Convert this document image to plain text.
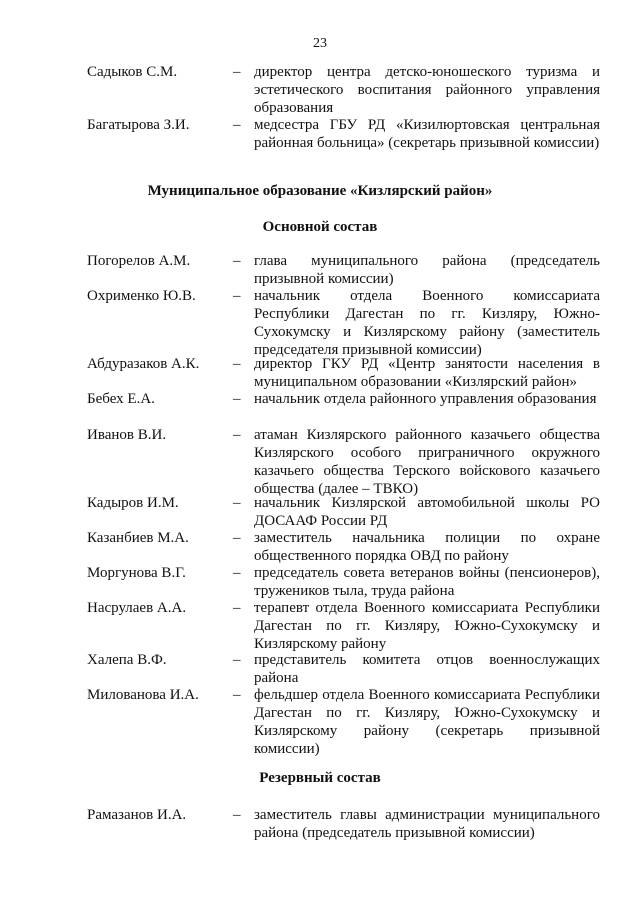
23
Садыков С.М.	– директор центра детско-юношеского туризма и эстетического воспитания районного управления образования
Багатырова З.И.	– медсестра ГБУ РД «Кизилюртовская центральная районная больница» (секретарь призывной комиссии)
Муниципальное образование «Кизлярский район»
Основной состав
Погорелов А.М.	– глава муниципального района (председатель призывной комиссии)
Охрименко Ю.В. – начальник отдела Военного комиссариата Республики Дагестан по гг. Кизляру, Южно-Сухокумску и Кизлярскому району (заместитель председателя призывной комиссии)
Абдуразаков А.К. – директор ГКУ РД «Центр занятости населения в муниципальном образовании «Кизлярский район»
Бебех Е.А.	– начальник отдела районного управления образования
Иванов В.И.	– атаман Кизлярского районного казачьего общества Кизлярского особого приграничного окружного казачьего общества Терского войскового казачьего общества (далее – ТВКО)
Кадыров И.М.	– начальник Кизлярской автомобильной школы РО ДОСААФ России РД
Казанбиев М.А.	– заместитель начальника полиции по охране общественного порядка ОВД по району
Моргунова В.Г.	– председатель совета ветеранов войны (пенсионеров), тружеников тыла, труда района
Насрулаев А.А.	– терапевт отдела Военного комиссариата Республики Дагестан по гг. Кизляру, Южно-Сухокумску и Кизлярскому району
Халепа В.Ф.	– представитель комитета отцов военнослужащих района
Милованова И.А. – фельдшер отдела Военного комиссариата Республики Дагестан по гг. Кизляру, Южно-Сухокумску и Кизлярскому району (секретарь призывной комиссии)
Резервный состав
Рамазанов И.А.	– заместитель главы администрации муниципального района (председатель призывной комиссии)
